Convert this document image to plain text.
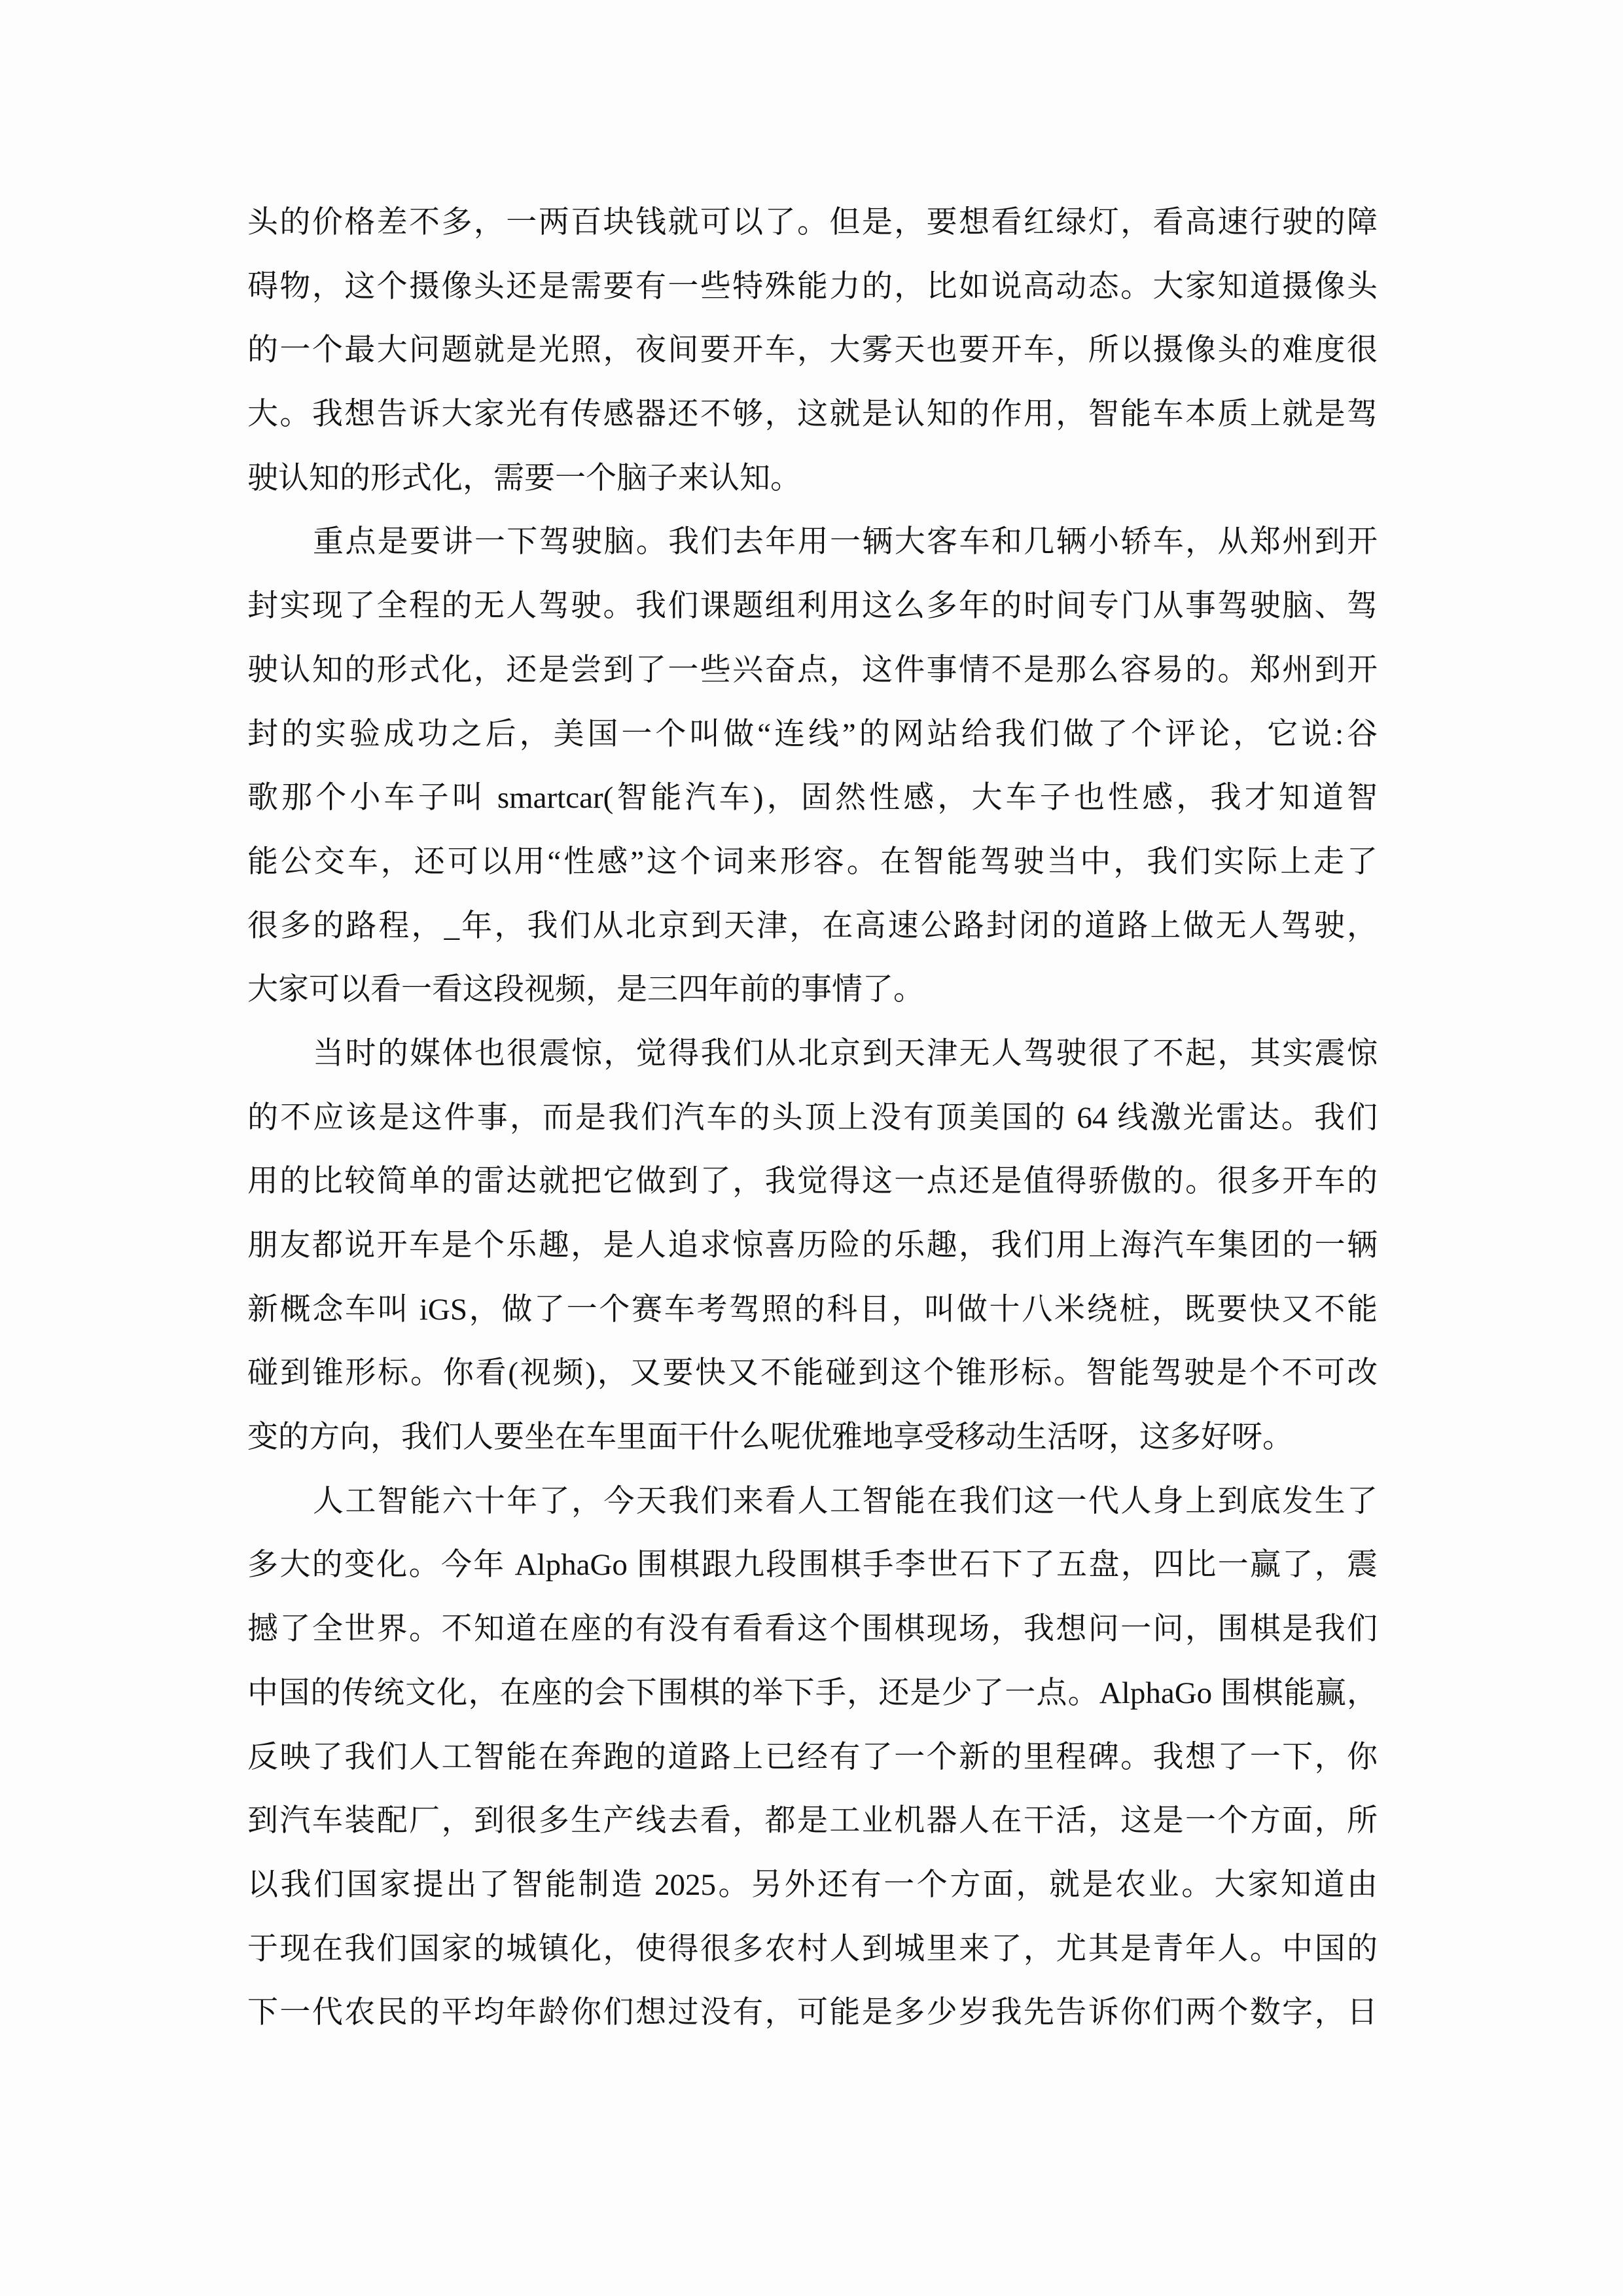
头的价格差不多，一两百块钱就可以了。但是，要想看红绿灯，看高速行驶的障
碍物，这个摄像头还是需要有一些特殊能力的，比如说高动态。大家知道摄像头
的一个最大问题就是光照，夜间要开车，大雾天也要开车，所以摄像头的难度很
大。我想告诉大家光有传感器还不够，这就是认知的作用，智能车本质上就是驾
驶认知的形式化，需要一个脑子来认知。
重点是要讲一下驾驶脑。我们去年用一辆大客车和几辆小轿车，从郑州到开
封实现了全程的无人驾驶。我们课题组利用这么多年的时间专门从事驾驶脑、驾
驶认知的形式化，还是尝到了一些兴奋点，这件事情不是那么容易的。郑州到开
封的实验成功之后，美国一个叫做“连线”的网站给我们做了个评论，它说:谷
歌那个小车子叫 smartcar(智能汽车)，固然性感，大车子也性感，我才知道智
能公交车，还可以用“性感”这个词来形容。在智能驾驶当中，我们实际上走了
很多的路程，_年，我们从北京到天津，在高速公路封闭的道路上做无人驾驶，
大家可以看一看这段视频，是三四年前的事情了。
当时的媒体也很震惊，觉得我们从北京到天津无人驾驶很了不起，其实震惊
的不应该是这件事，而是我们汽车的头顶上没有顶美国的 64 线激光雷达。我们
用的比较简单的雷达就把它做到了，我觉得这一点还是值得骄傲的。很多开车的
朋友都说开车是个乐趣，是人追求惊喜历险的乐趣，我们用上海汽车集团的一辆
新概念车叫 iGS，做了一个赛车考驾照的科目，叫做十八米绕桩，既要快又不能
碰到锥形标。你看(视频)，又要快又不能碰到这个锥形标。智能驾驶是个不可改
变的方向，我们人要坐在车里面干什么呢优雅地享受移动生活呀，这多好呀。
人工智能六十年了，今天我们来看人工智能在我们这一代人身上到底发生了
多大的变化。今年 AlphaGo 围棋跟九段围棋手李世石下了五盘，四比一赢了，震
撼了全世界。不知道在座的有没有看看这个围棋现场，我想问一问，围棋是我们
中国的传统文化，在座的会下围棋的举下手，还是少了一点。AlphaGo 围棋能赢，
反映了我们人工智能在奔跑的道路上已经有了一个新的里程碑。我想了一下，你
到汽车装配厂，到很多生产线去看，都是工业机器人在干活，这是一个方面，所
以我们国家提出了智能制造 2025。另外还有一个方面，就是农业。大家知道由
于现在我们国家的城镇化，使得很多农村人到城里来了，尤其是青年人。中国的
下一代农民的平均年龄你们想过没有，可能是多少岁我先告诉你们两个数字，日
